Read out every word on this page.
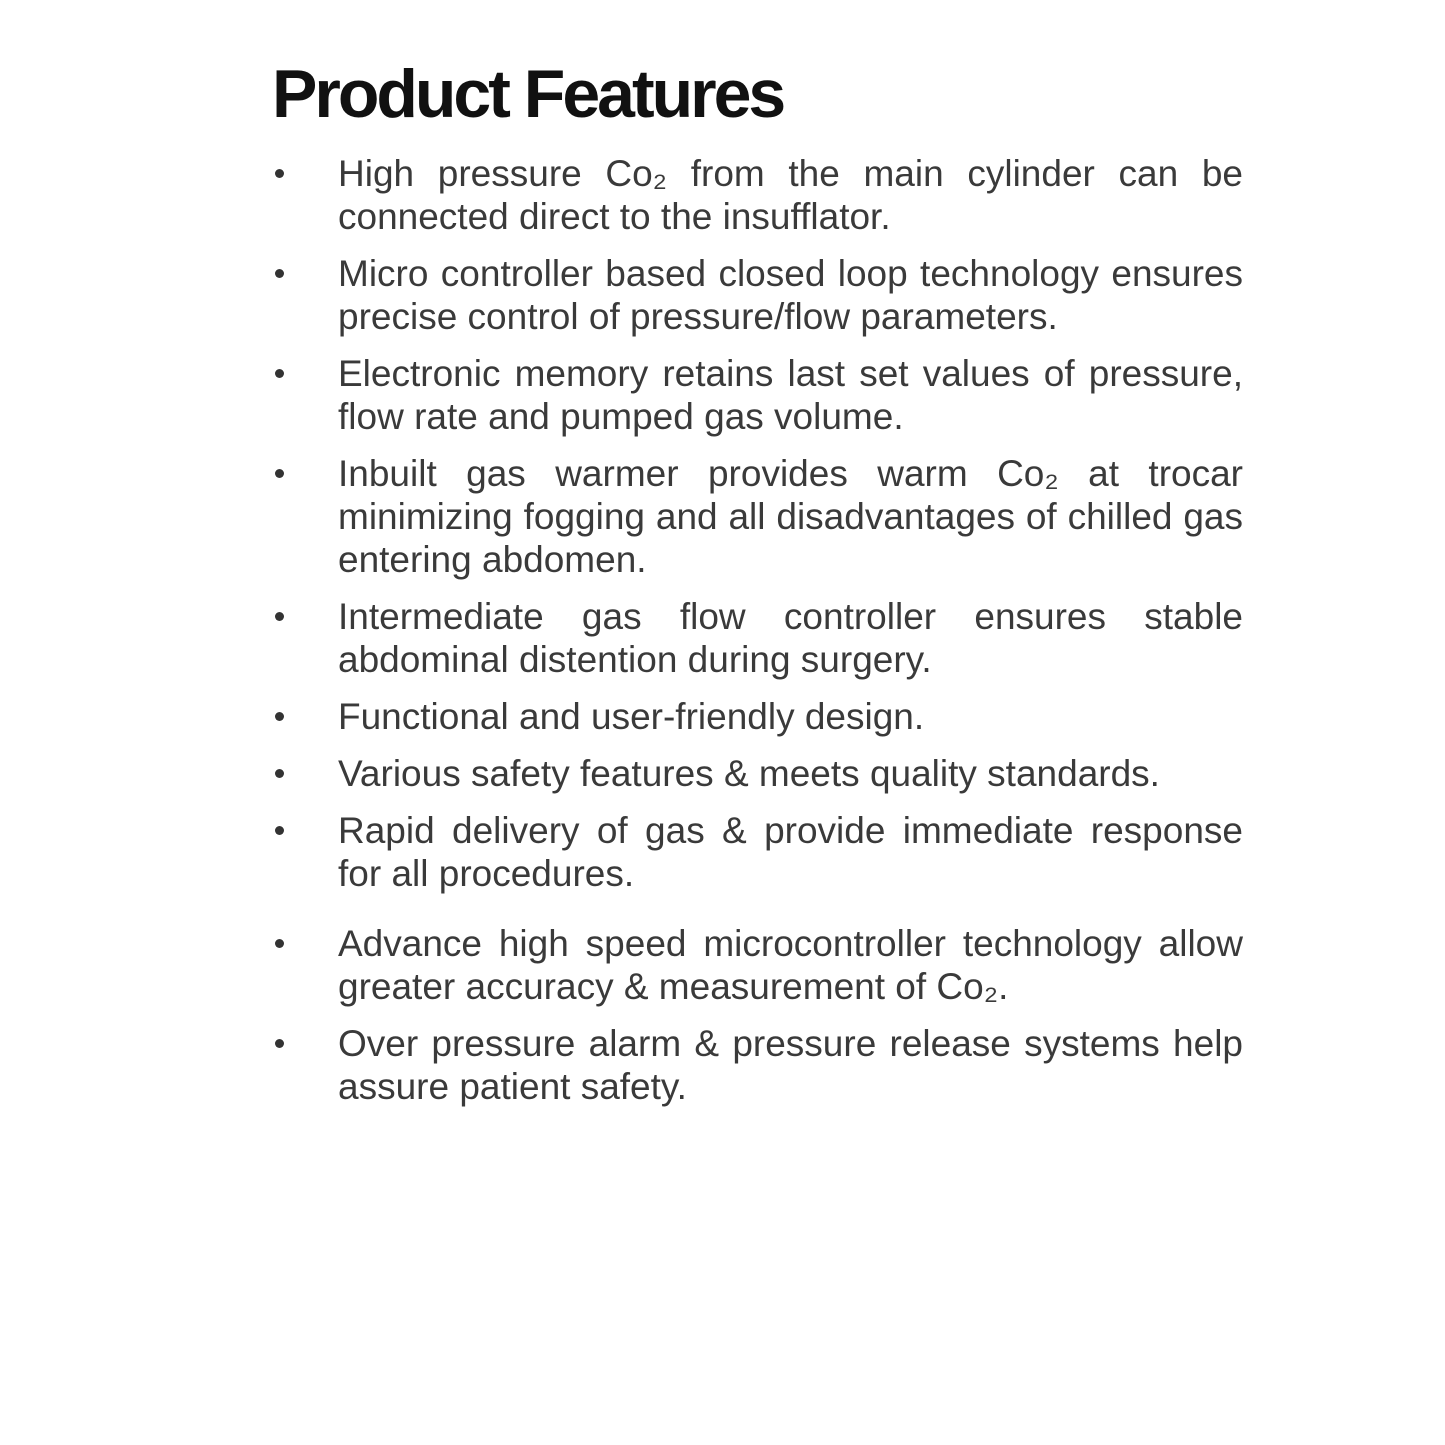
Product Features
High pressure Co₂ from the main cylinder can be connected direct to the insufflator.
Micro controller based closed loop technology ensures precise control of pressure/flow parameters.
Electronic memory retains last set values of pressure, flow rate and pumped gas volume.
Inbuilt gas warmer provides warm Co₂ at trocar minimizing fogging and all disadvantages of chilled gas entering abdomen.
Intermediate gas flow controller ensures stable abdominal distention during surgery.
Functional and user-friendly design.
Various safety features & meets quality standards.
Rapid delivery of gas & provide immediate response for all procedures.
Advance high speed microcontroller technology allow greater accuracy & measurement of Co₂.
Over pressure alarm & pressure release systems help assure patient safety.
